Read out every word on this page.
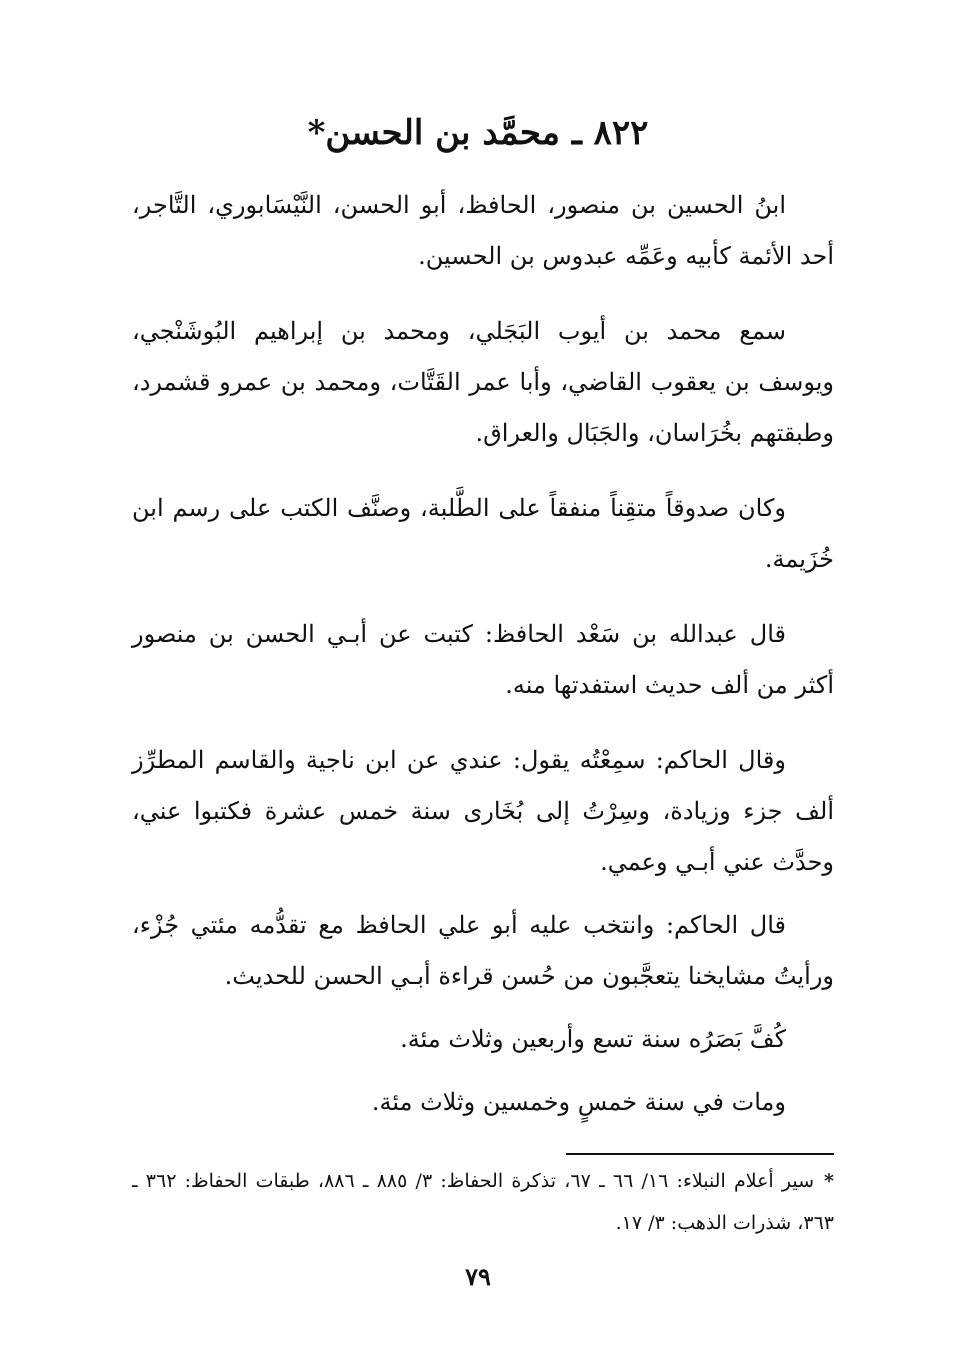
٨٢٢ ـ محمَّد بن الحسن*

ابنُ الحسين بن منصور، الحافظ، أبو الحسن، النَّيْسَابوري، التَّاجر، أحد الأئمة كأبيه وعَمِّه عبدوس بن الحسين.

سمع محمد بن أيوب البَجَلي، ومحمد بن إبراهيم البُوشَنْجي، ويوسف بن يعقوب القاضي، وأبا عمر القَتَّات، ومحمد بن عمرو قشمرد، وطبقتهم بخُرَاسان، والجَبَال والعراق.

وكان صدوقاً متقِناً منفقاً على الطَّلبة، وصنَّف الكتب على رسم ابن خُزَيمة.

قال عبدالله بن سَعْد الحافظ: كتبت عن أبـي الحسن بن منصور أكثر من ألف حديث استفدتها منه.

وقال الحاكم: سمِعْتُه يقول: عندي عن ابن ناجية والقاسم المطرِّز ألف جزء وزيادة، وسِرْتُ إلى بُخَارى سنة خمس عشرة فكتبوا عني، وحدَّث عني أبـي وعمي.

قال الحاكم: وانتخب عليه أبو علي الحافظ مع تقدُّمه مئتي جُزْء، ورأيتُ مشايخنا يتعجَّبون من حُسن قراءة أبـي الحسن للحديث.

كُفَّ بَصَرُه سنة تسع وأربعين وثلاث مئة.

ومات في سنة خمسٍ وخمسين وثلاث مئة.

*سير أعلام النبلاء: ١٦/ ٦٦ ـ ٦٧، تذكرة الحفاظ: ٣/ ٨٨٥ ـ ٨٨٦، طبقات الحفاظ: ٣٦٢ ـ ٣٦٣، شذرات الذهب: ٣/ ١٧.
٧٩
